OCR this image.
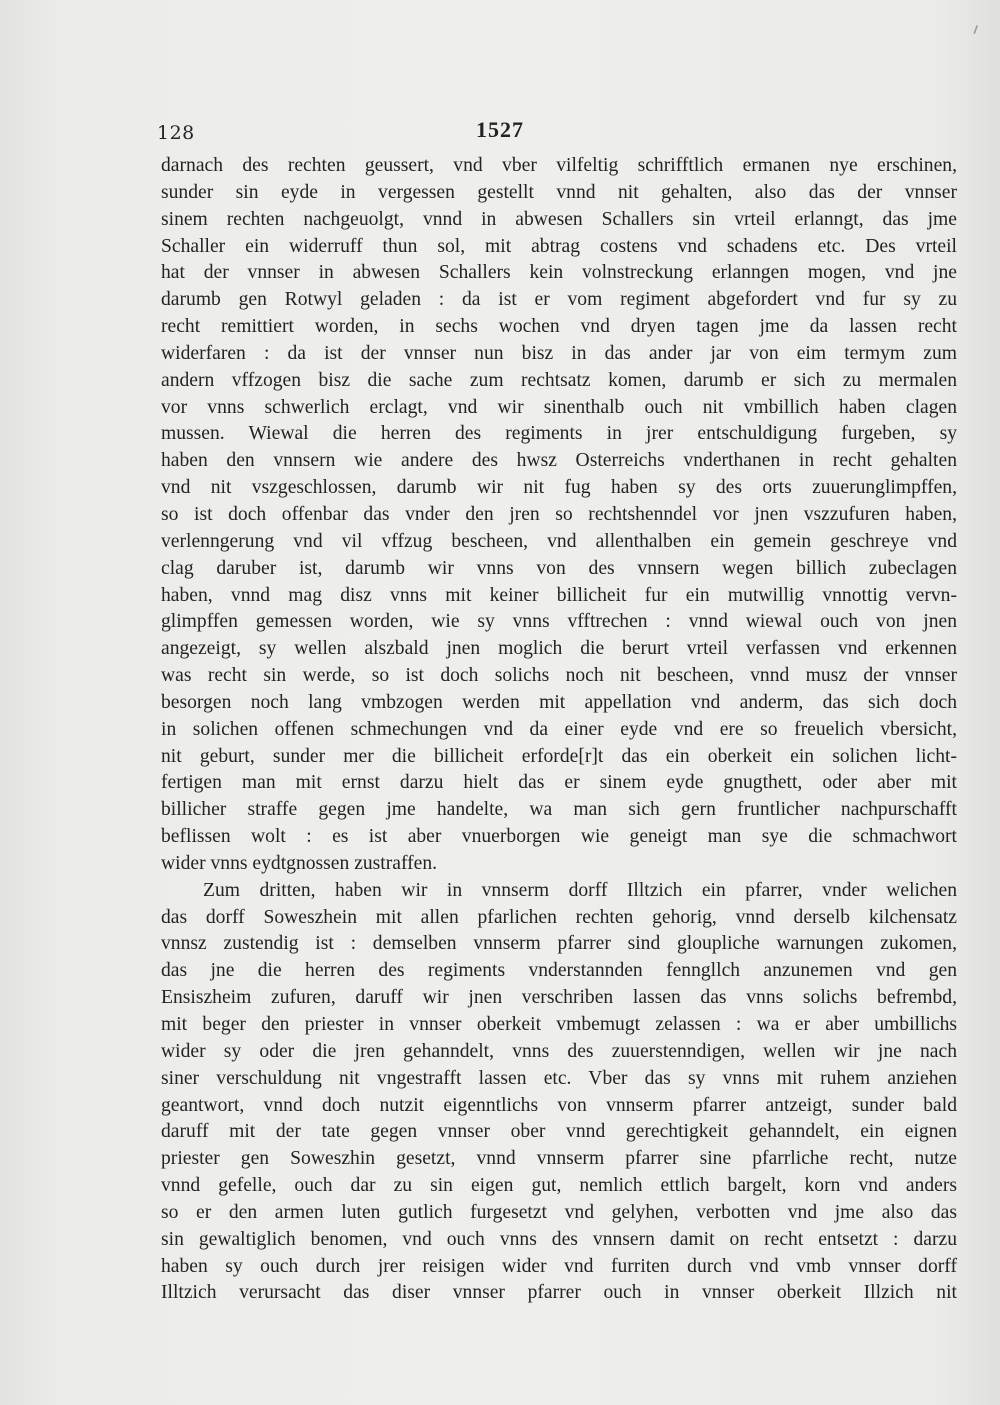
ᐟ
128	1527
darnach des rechten geussert, vnd vber vilfeltig schrifftlich ermanen nye erschinen,
sunder sin eyde in vergessen gestellt vnnd nit gehalten, also das der vnnser
sinem rechten nachgeuolgt, vnnd in abwesen Schallers sin vrteil erlanngt, das jme
Schaller ein widerruff thun sol, mit abtrag costens vnd schadens etc. Des vrteil
hat der vnnser in abwesen Schallers kein volnstreckung erlanngen mogen, vnd jne
darumb gen Rotwyl geladen : da ist er vom regiment abgefordert vnd fur sy zu
recht remittiert worden, in sechs wochen vnd dryen tagen jme da lassen recht
widerfaren : da ist der vnnser nun bisz in das ander jar von eim termym zum
andern vffzogen bisz die sache zum rechtsatz komen, darumb er sich zu mermalen
vor vnns schwerlich erclagt, vnd wir sinenthalb ouch nit vmbillich haben clagen
mussen. Wiewal die herren des regiments in jrer entschuldigung furgeben, sy
haben den vnnsern wie andere des hwsz Osterreichs vnderthanen in recht gehalten
vnd nit vszgeschlossen, darumb wir nit fug haben sy des orts zuuerunglimpffen,
so ist doch offenbar das vnder den jren so rechtshenndel vor jnen vszzufuren haben,
verlenngerung vnd vil vffzug bescheen, vnd allenthalben ein gemein geschreye vnd
clag daruber ist, darumb wir vnns von des vnnsern wegen billich zubeclagen
haben, vnnd mag disz vnns mit keiner billicheit fur ein mutwillig vnnottig vervn-
glimpffen gemessen worden, wie sy vnns vfftrechen : vnnd wiewal ouch von jnen
angezeigt, sy wellen alszbald jnen moglich die berurt vrteil verfassen vnd erkennen
was recht sin werde, so ist doch solichs noch nit bescheen, vnnd musz der vnnser
besorgen noch lang vmbzogen werden mit appellation vnd anderm, das sich doch
in solichen offenen schmechungen vnd da einer eyde vnd ere so freuelich vbersicht,
nit geburt, sunder mer die billicheit erforde[r]t das ein oberkeit ein solichen licht-
fertigen man mit ernst darzu hielt das er sinem eyde gnugthett, oder aber mit
billicher straffe gegen jme handelte, wa man sich gern fruntlicher nachpurschafft
beflissen wolt : es ist aber vnuerborgen wie geneigt man sye die schmachwort
wider vnns eydtgnossen zustraffen.
Zum dritten, haben wir in vnnserm dorff Illtzich ein pfarrer, vnder welichen
das dorff Soweszhein mit allen pfarlichen rechten gehorig, vnnd derselb kilchensatz
vnnsz zustendig ist : demselben vnnserm pfarrer sind gloupliche warnungen zukomen,
das jne die herren des regiments vnderstannden fenngllch anzunemen vnd gen
Ensiszheim zufuren, daruff wir jnen verschriben lassen das vnns solichs befrembd,
mit beger den priester in vnnser oberkeit vmbemugt zelassen : wa er aber umbillichs
wider sy oder die jren gehanndelt, vnns des zuuerstenndigen, wellen wir jne nach
siner verschuldung nit vngestrafft lassen etc. Vber das sy vnns mit ruhem anziehen
geantwort, vnnd doch nutzit eigenntlichs von vnnserm pfarrer antzeigt, sunder bald
daruff mit der tate gegen vnnser ober vnnd gerechtigkeit gehanndelt, ein eignen
priester gen Soweszhin gesetzt, vnnd vnnserm pfarrer sine pfarrliche recht, nutze
vnnd gefelle, ouch dar zu sin eigen gut, nemlich ettlich bargelt, korn vnd anders
so er den armen luten gutlich furgesetzt vnd gelyhen, verbotten vnd jme also das
sin gewaltiglich benomen, vnd ouch vnns des vnnsern damit on recht entsetzt : darzu
haben sy ouch durch jrer reisigen wider vnd furriten durch vnd vmb vnnser dorff
Illtzich verursacht das diser vnnser pfarrer ouch in vnnser oberkeit Illzich nit
